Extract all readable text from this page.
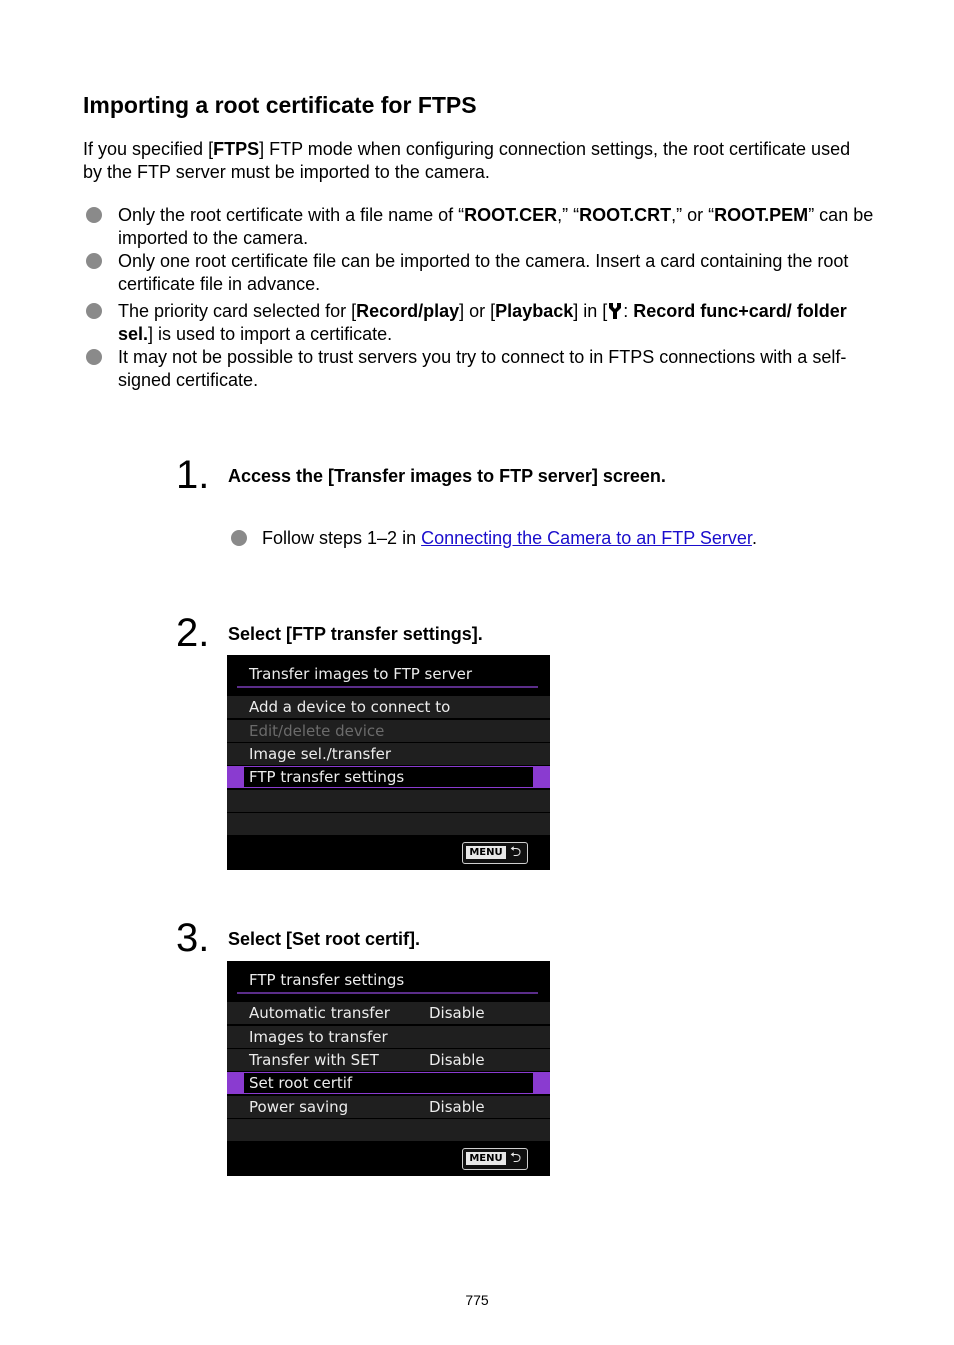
Importing a root certificate for FTPS
If you specified [FTPS] FTP mode when configuring connection settings, the root certificate used by the FTP server must be imported to the camera.
Only the root certificate with a file name of “ROOT.CER,” “ROOT.CRT,” or “ROOT.PEM” can be imported to the camera.
Only one root certificate file can be imported to the camera. Insert a card containing the root certificate file in advance.
The priority card selected for [Record/play] or [Playback] in [ : Record func+card/ folder sel.] is used to import a certificate.
It may not be possible to trust servers you try to connect to in FTPS connections with a self-signed certificate.
1. Access the [Transfer images to FTP server] screen.
Follow steps 1–2 in Connecting the Camera to an FTP Server.
2. Select [FTP transfer settings].
Transfer images to FTP server
Add a device to connect to
Edit/delete device
Image sel./transfer
FTP transfer settings
MENU ⮌
3. Select [Set root certif].
FTP transfer settings
Automatic transfer	Disable
Images to transfer
Transfer with SET	Disable
Set root certif
Power saving	Disable
MENU ⮌
775
